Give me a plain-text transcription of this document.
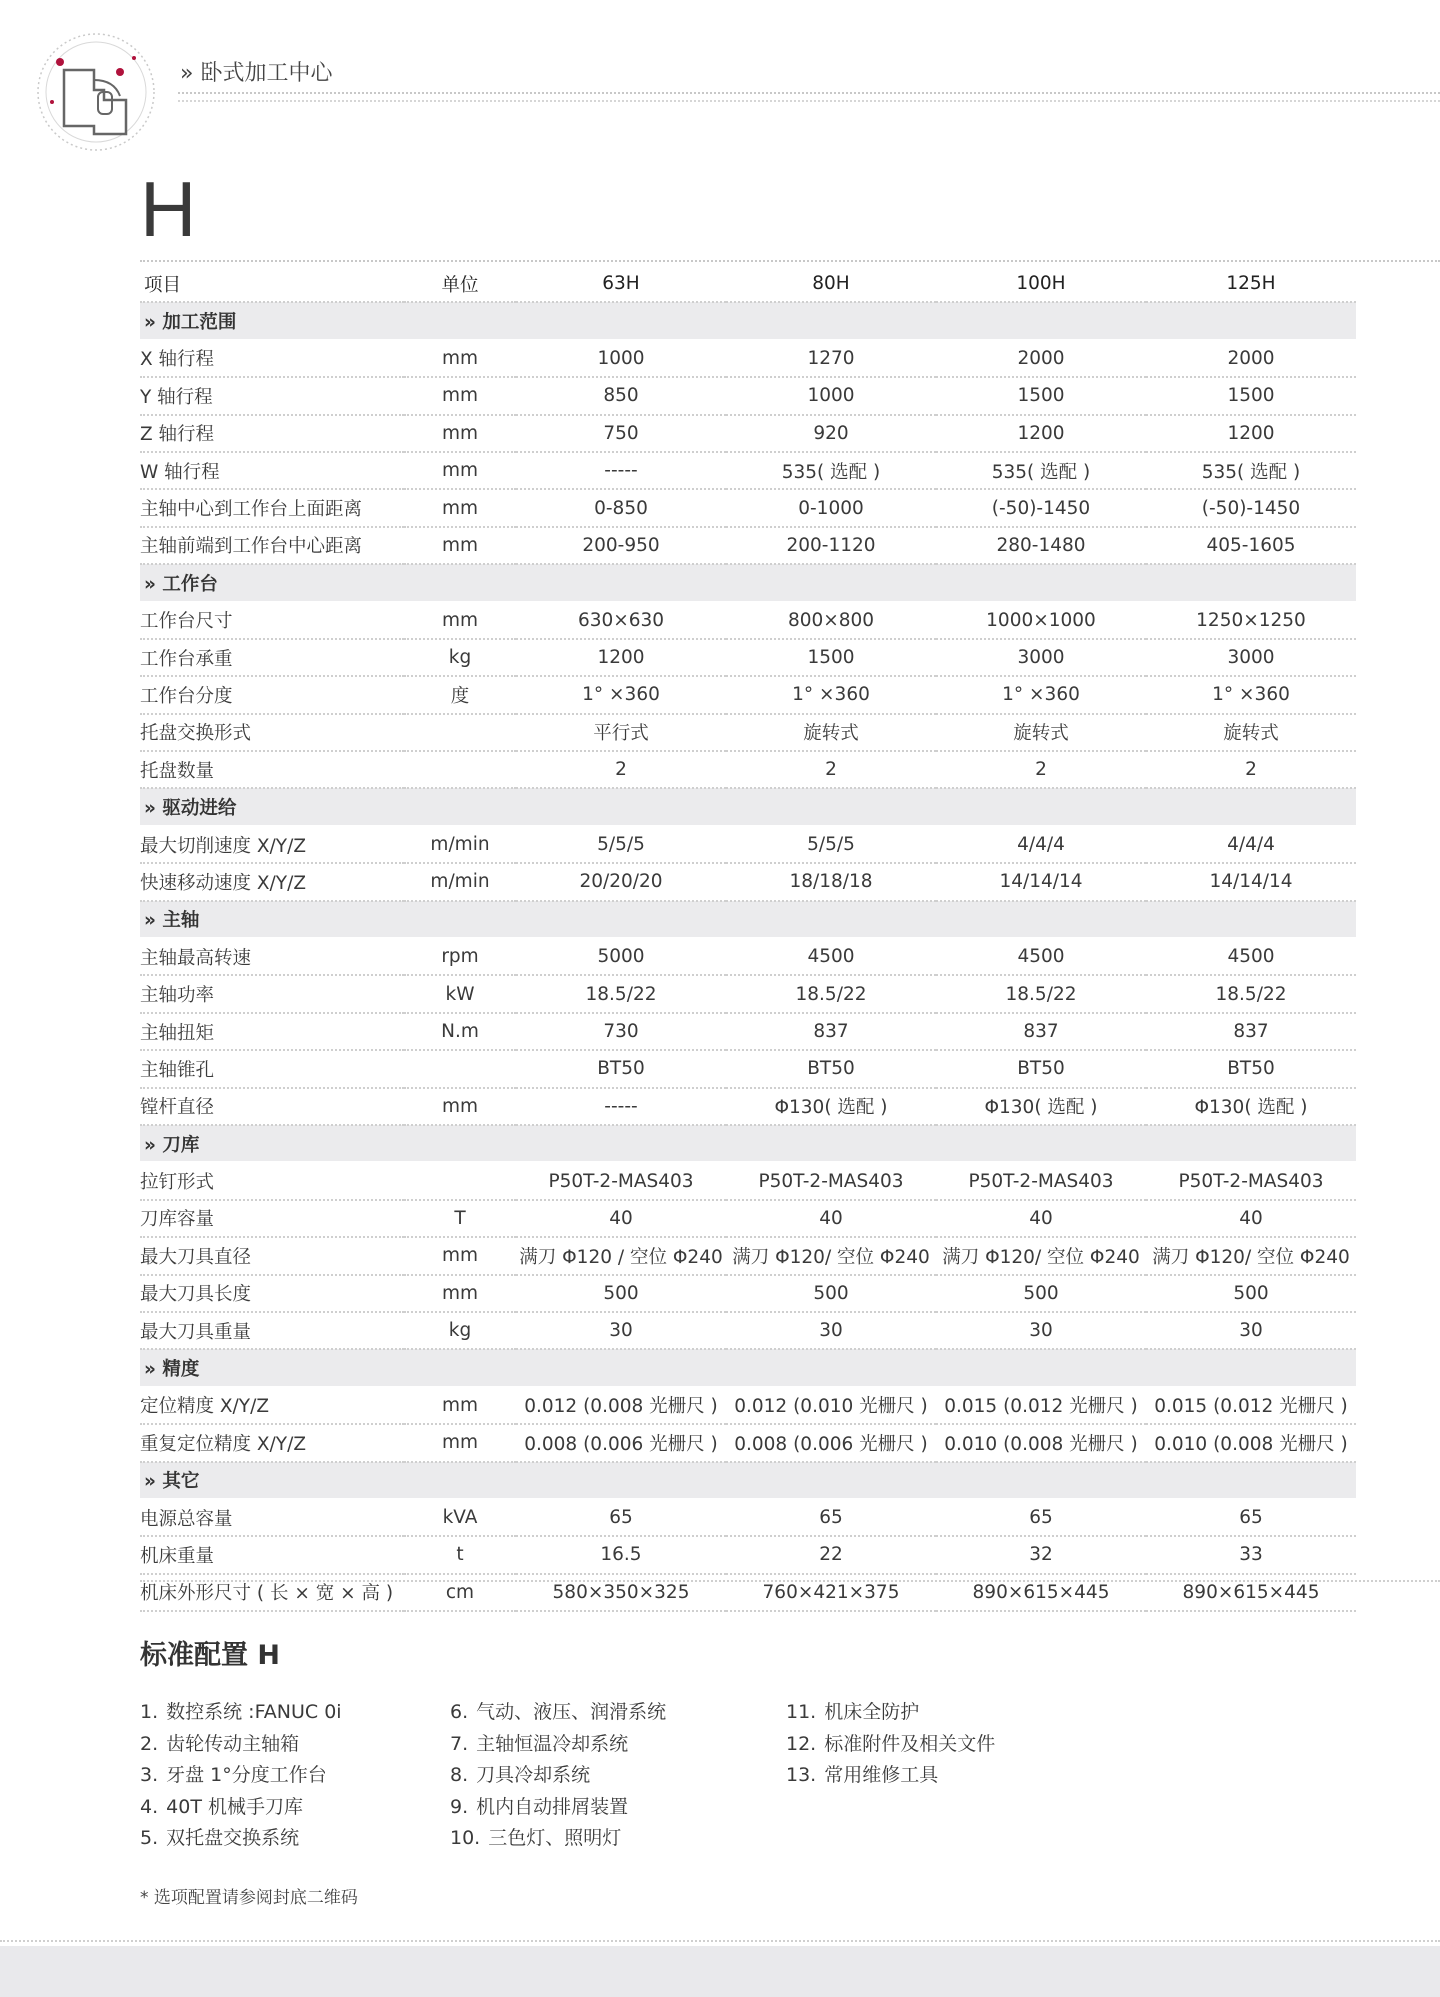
» 卧式加工中心
H
项目	单位	63H	80H	100H	125H
» 加工范围					
X 轴行程	mm	1000	1270	2000	2000
Y 轴行程	mm	850	1000	1500	1500
Z 轴行程	mm	750	920	1200	1200
W 轴行程	mm	-----	535( 选配 )	535( 选配 )	535( 选配 )
主轴中心到工作台上面距离	mm	0-850	0-1000	(-50)-1450	(-50)-1450
主轴前端到工作台中心距离	mm	200-950	200-1120	280-1480	405-1605
» 工作台					
工作台尺寸	mm	630×630	800×800	1000×1000	1250×1250
工作台承重	kg	1200	1500	3000	3000
工作台分度	度	1° ×360	1° ×360	1° ×360	1° ×360
托盘交换形式		平行式	旋转式	旋转式	旋转式
托盘数量		2	2	2	2
» 驱动进给					
最大切削速度 X/Y/Z	m/min	5/5/5	5/5/5	4/4/4	4/4/4
快速移动速度 X/Y/Z	m/min	20/20/20	18/18/18	14/14/14	14/14/14
» 主轴					
主轴最高转速	rpm	5000	4500	4500	4500
主轴功率	kW	18.5/22	18.5/22	18.5/22	18.5/22
主轴扭矩	N.m	730	837	837	837
主轴锥孔		BT50	BT50	BT50	BT50
镗杆直径	mm	-----	Φ130( 选配 )	Φ130( 选配 )	Φ130( 选配 )
» 刀库					
拉钉形式		P50T-2-MAS403	P50T-2-MAS403	P50T-2-MAS403	P50T-2-MAS403
刀库容量	T	40	40	40	40
最大刀具直径	mm	满刀 Φ120 / 空位 Φ240	满刀 Φ120/ 空位 Φ240	满刀 Φ120/ 空位 Φ240	满刀 Φ120/ 空位 Φ240
最大刀具长度	mm	500	500	500	500
最大刀具重量	kg	30	30	30	30
» 精度					
定位精度 X/Y/Z	mm	0.012 (0.008 光栅尺 )	0.012 (0.010 光栅尺 )	0.015 (0.012 光栅尺 )	0.015 (0.012 光栅尺 )
重复定位精度 X/Y/Z	mm	0.008 (0.006 光栅尺 )	0.008 (0.006 光栅尺 )	0.010 (0.008 光栅尺 )	0.010 (0.008 光栅尺 )
» 其它					
电源总容量	kVA	65	65	65	65
机床重量	t	16.5	22	32	33
机床外形尺寸 ( 长 × 宽 × 高 )	cm	580×350×325	760×421×375	890×615×445	890×615×445
标准配置 H
1. 数控系统 :FANUC 0i
2. 齿轮传动主轴箱
3. 牙盘 1°分度工作台
4. 40T 机械手刀库
5. 双托盘交换系统
6. 气动、液压、润滑系统
7. 主轴恒温冷却系统
8. 刀具冷却系统
9. 机内自动排屑装置
10. 三色灯、照明灯
11. 机床全防护
12. 标准附件及相关文件
13. 常用维修工具
* 选项配置请参阅封底二维码
